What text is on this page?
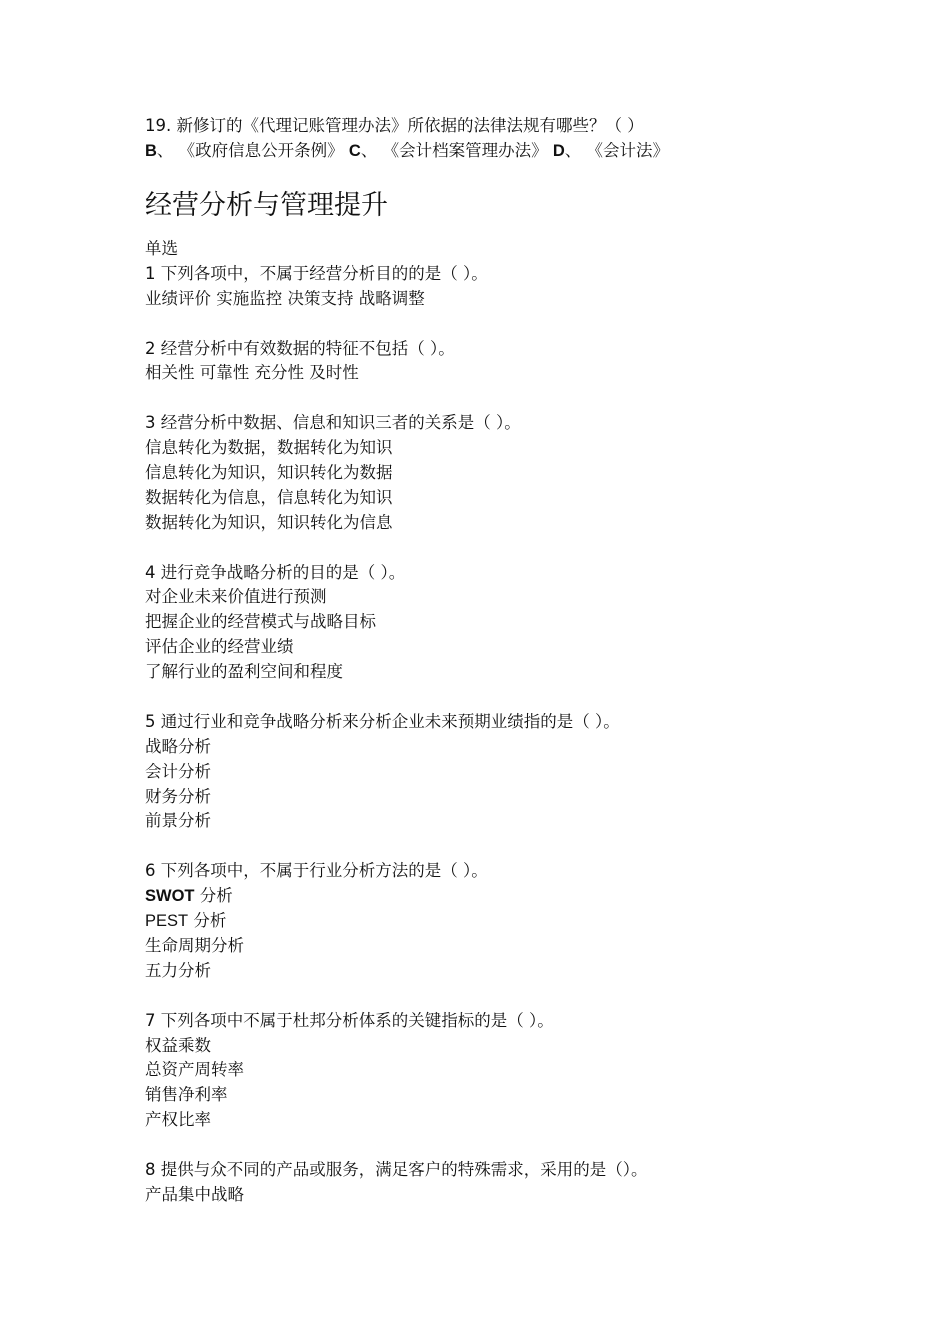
19. 新修订的《代理记账管理办法》所依据的法律法规有哪些？（ ）
B、 《政府信息公开条例》 C、 《会计档案管理办法》 D、 《会计法》
经营分析与管理提升
单选
1 下列各项中，不属于经营分析目的的是（ ）。
业绩评价 实施监控 决策支持 战略调整
2 经营分析中有效数据的特征不包括（ ）。
相关性 可靠性 充分性 及时性
3 经营分析中数据、信息和知识三者的关系是（ ）。
信息转化为数据，数据转化为知识
信息转化为知识，知识转化为数据
数据转化为信息，信息转化为知识
数据转化为知识，知识转化为信息
4 进行竞争战略分析的目的是（ ）。
对企业未来价值进行预测
把握企业的经营模式与战略目标
评估企业的经营业绩
了解行业的盈利空间和程度
5 通过行业和竞争战略分析来分析企业未来预期业绩指的是（ ）。
战略分析
会计分析
财务分析
前景分析
6 下列各项中，不属于行业分析方法的是（ ）。
SWOT 分析
PEST 分析
生命周期分析
五力分析
7 下列各项中不属于杜邦分析体系的关键指标的是（ ）。
权益乘数
总资产周转率
销售净利率
产权比率
8 提供与众不同的产品或服务，满足客户的特殊需求，采用的是（）。
产品集中战略
